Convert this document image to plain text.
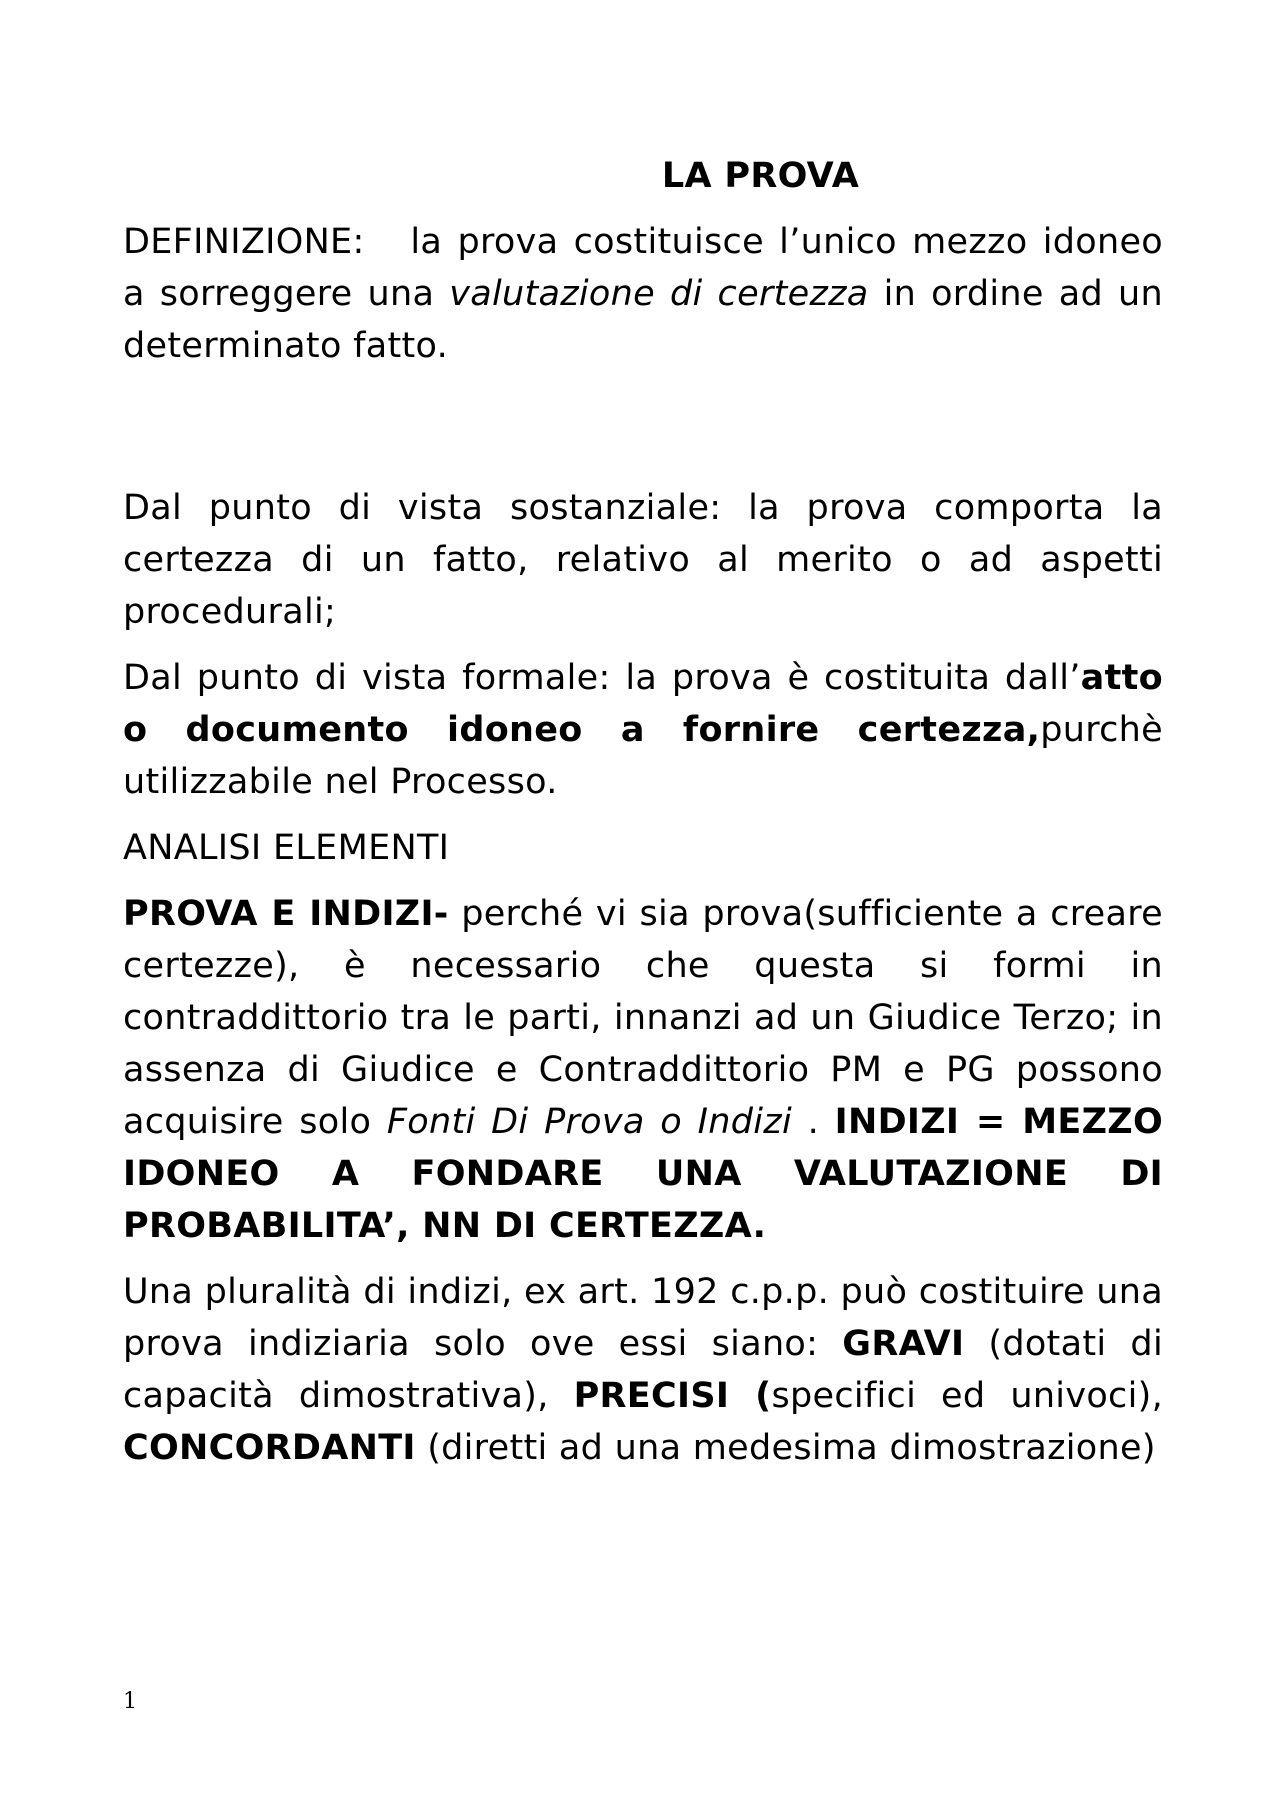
LA PROVA

DEFINIZIONE: la prova costituisce l’unico mezzo idoneo a sorreggere una valutazione di certezza in ordine ad un determinato fatto.

Dal punto di vista sostanziale: la prova comporta la certezza di un fatto, relativo al merito o ad aspetti procedurali;

Dal punto di vista formale: la prova è costituita dall’atto o documento idoneo a fornire certezza,purchè utilizzabile nel Processo.

ANALISI ELEMENTI

PROVA E INDIZI- perché vi sia prova(sufficiente a creare certezze), è necessario che questa si formi in contraddittorio tra le parti, innanzi ad un Giudice Terzo; in assenza di Giudice e Contraddittorio PM e PG possono acquisire solo Fonti Di Prova o Indizi . INDIZI = MEZZO IDONEO A FONDARE UNA VALUTAZIONE DI PROBABILITA’, NN DI CERTEZZA.

Una pluralità di indizi, ex art. 192 c.p.p. può costituire una prova indiziaria solo ove essi siano: GRAVI (dotati di capacità dimostrativa), PRECISI (specifici ed univoci), CONCORDANTI (diretti ad una medesima dimostrazione)

1
